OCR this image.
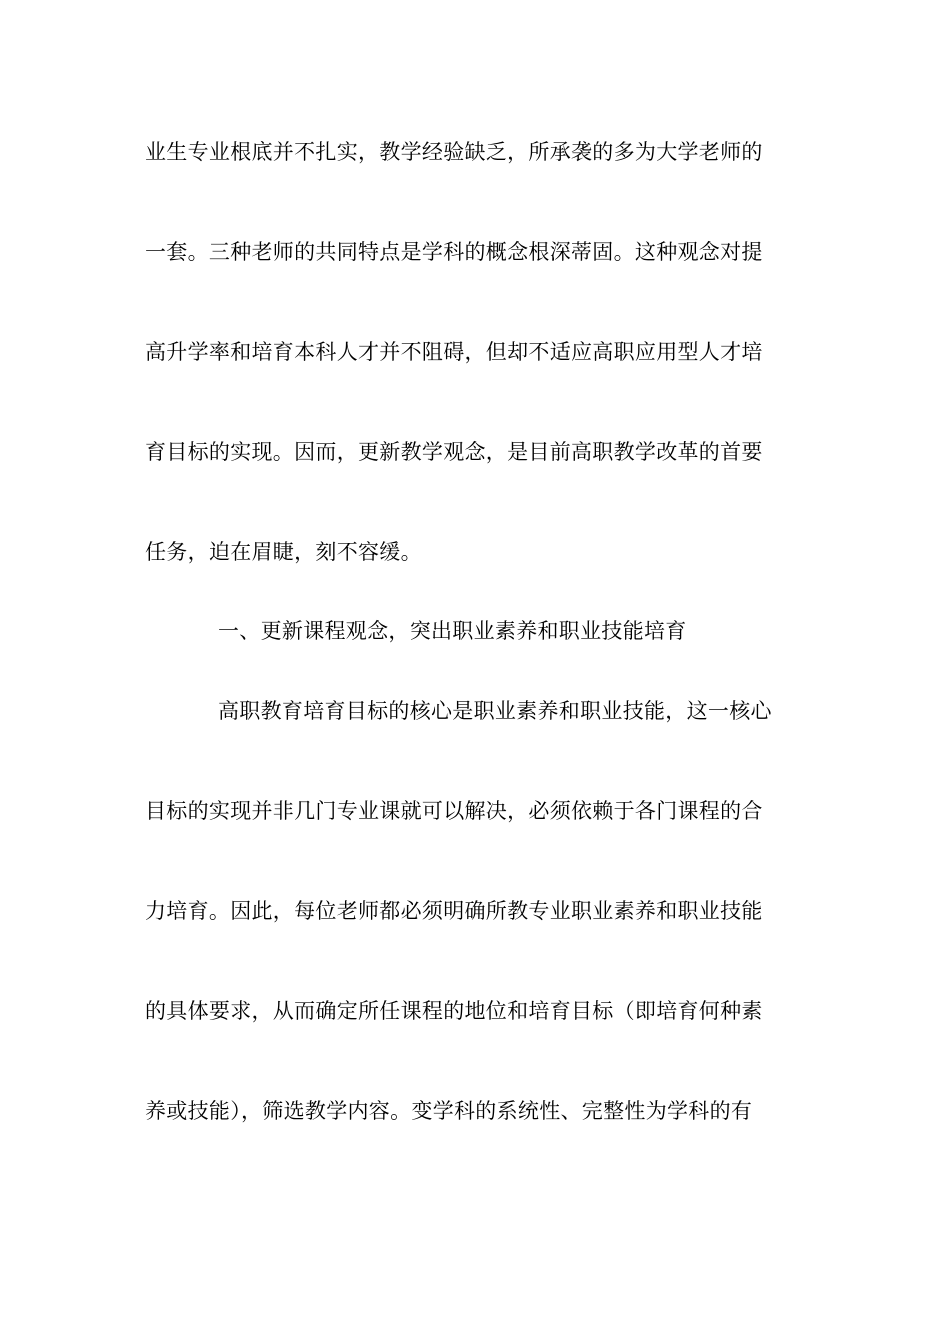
业生专业根底并不扎实，教学经验缺乏，所承袭的多为大学老师的
一套。三种老师的共同特点是学科的概念根深蒂固。这种观念对提
高升学率和培育本科人才并不阻碍，但却不适应高职应用型人才培
育目标的实现。因而，更新教学观念，是目前高职教学改革的首要
任务，迫在眉睫，刻不容缓。
一、更新课程观念，突出职业素养和职业技能培育
高职教育培育目标的核心是职业素养和职业技能，这一核心
目标的实现并非几门专业课就可以解决，必须依赖于各门课程的合
力培育。因此，每位老师都必须明确所教专业职业素养和职业技能
的具体要求，从而确定所任课程的地位和培育目标（即培育何种素
养或技能），筛选教学内容。变学科的系统性、完整性为学科的有
